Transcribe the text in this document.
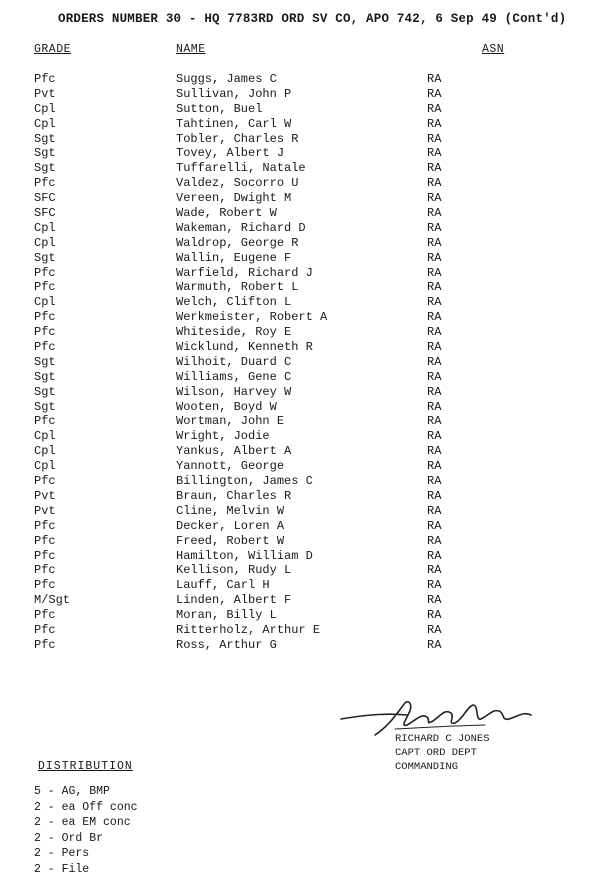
ORDERS NUMBER 30 - HQ 7783RD ORD SV CO, APO 742, 6 Sep 49 (Cont'd)
GRADE	NAME	ASN
Pfc	Suggs, James C	RA
Pvt	Sullivan, John P	RA
Cpl	Sutton, Buel	RA
Cpl	Tahtinen, Carl W	RA
Sgt	Tobler, Charles R	RA
Sgt	Tovey, Albert J	RA
Sgt	Tuffarelli, Natale	RA
Pfc	Valdez, Socorro U	RA
SFC	Vereen, Dwight M	RA
SFC	Wade, Robert W	RA
Cpl	Wakeman, Richard D	RA
Cpl	Waldrop, George R	RA
Sgt	Wallin, Eugene F	RA
Pfc	Warfield, Richard J	RA
Pfc	Warmuth, Robert L	RA
Cpl	Welch, Clifton L	RA
Pfc	Werkmeister, Robert A	RA
Pfc	Whiteside, Roy E	RA
Pfc	Wicklund, Kenneth R	RA
Sgt	Wilhoit, Duard C	RA
Sgt	Williams, Gene C	RA
Sgt	Wilson, Harvey W	RA
Sgt	Wooten, Boyd W	RA
Pfc	Wortman, John E	RA
Cpl	Wright, Jodie	RA
Cpl	Yankus, Albert A	RA
Cpl	Yannott, George	RA
Pfc	Billington, James C	RA
Pvt	Braun, Charles R	RA
Pvt	Cline, Melvin W	RA
Pfc	Decker, Loren A	RA
Pfc	Freed, Robert W	RA
Pfc	Hamilton, William D	RA
Pfc	Kellison, Rudy L	RA
Pfc	Lauff, Carl H	RA
M/Sgt	Linden, Albert F	RA
Pfc	Moran, Billy L	RA
Pfc	Ritterholz, Arthur E	RA
Pfc	Ross, Arthur G	RA
RICHARD C JONES
CAPT ORD DEPT
COMMANDING
DISTRIBUTION
5 - AG, BMP
2 - ea Off conc
2 - ea EM conc
2 - Ord Br
2 - Pers
2 - File
